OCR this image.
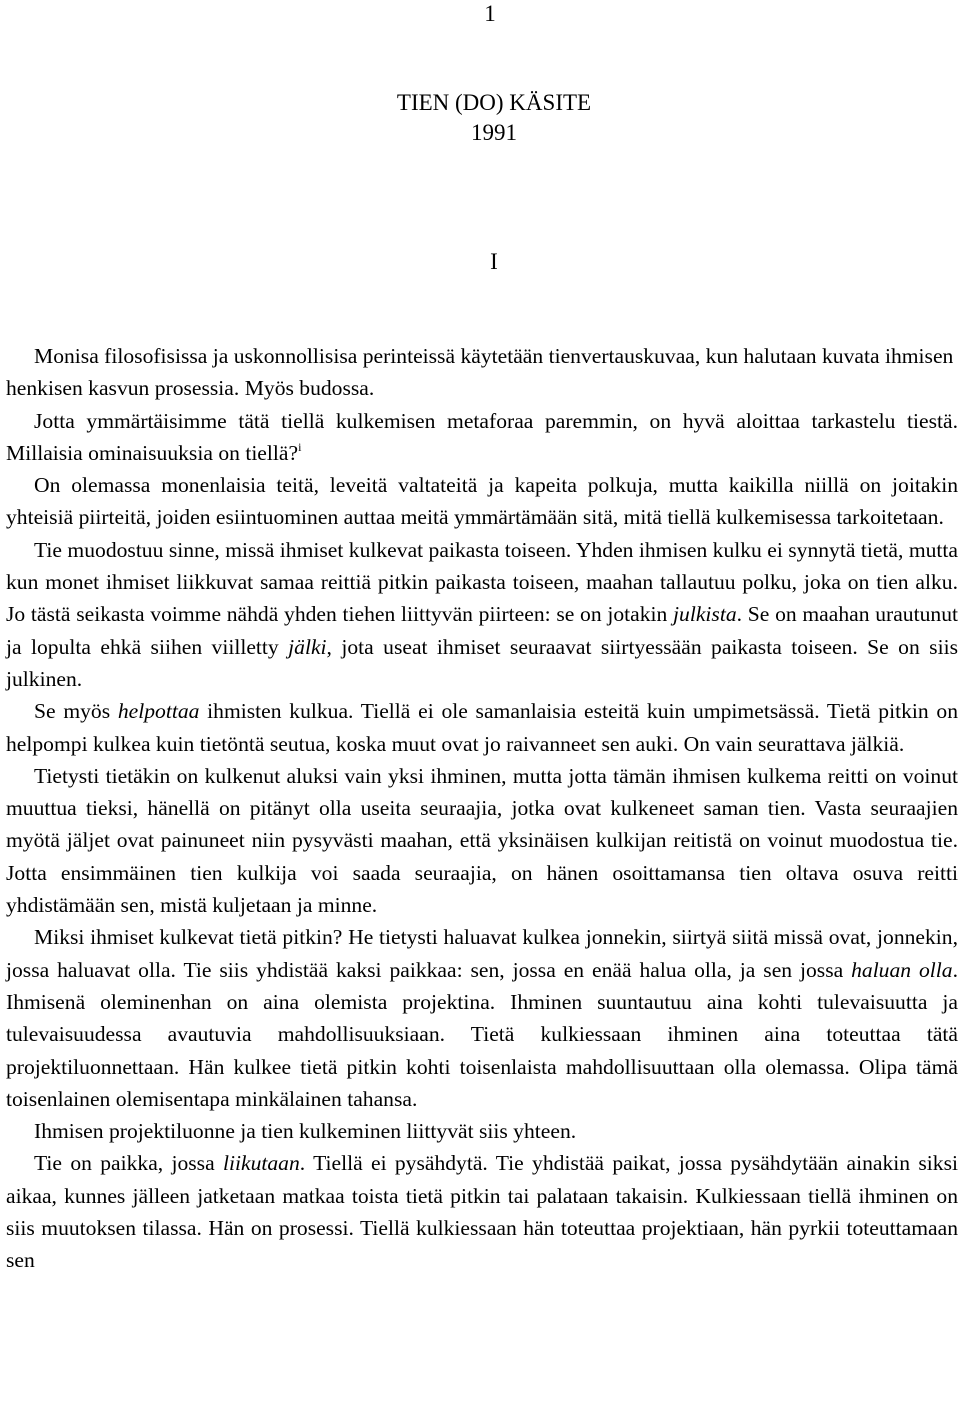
1
TIEN (DO) KÄSITE
1991
I

Monisa filosofisissa ja uskonnollisisa perinteissä käytetään tienvertauskuvaa, kun halutaan kuvata ihmisen henkisen kasvun prosessia. Myös budossa.

Jotta ymmärtäisimme tätä tiellä kulkemisen metaforaa paremmin, on hyvä aloittaa tarkastelu tiestä. Millaisia ominaisuuksia on tiellä?$^i$

On olemassa monenlaisia teitä, leveitä valtateitä ja kapeita polkuja, mutta kaikilla niillä on joitakin yhteisiä piirteitä, joiden esiintuominen auttaa meitä ymmärtämään sitä, mitä tiellä kulkemisessa tarkoitetaan.

Tie muodostuu sinne, missä ihmiset kulkevat paikasta toiseen. Yhden ihmisen kulku ei synnytä tietä, mutta kun monet ihmiset liikkuvat samaa reittiä pitkin paikasta toiseen, maahan tallautuu polku, joka on tien alku. Jo tästä seikasta voimme nähdä yhden tiehen liittyvän piirteen: se on jotakin julkista. Se on maahan urautunut ja lopulta ehkä siihen viilletty jälki, jota useat ihmiset seuraavat siirtyessään paikasta toiseen. Se on siis julkinen.

Se myös helpottaa ihmisten kulkua. Tiellä ei ole samanlaisia esteitä kuin umpimetsässä. Tietä pitkin on helpompi kulkea kuin tietöntä seutua, koska muut ovat jo raivanneet sen auki. On vain seurattava jälkiä.

Tietysti tietäkin on kulkenut aluksi vain yksi ihminen, mutta jotta tämän ihmisen kulkema reitti on voinut muuttua tieksi, hänellä on pitänyt olla useita seuraajia, jotka ovat kulkeneet saman tien. Vasta seuraajien myötä jäljet ovat painuneet niin pysyvästi maahan, että yksinäisen kulkijan reitistä on voinut muodostua tie. Jotta ensimmäinen tien kulkija voi saada seuraajia, on hänen osoittamansa tien oltava osuva reitti yhdistämään sen, mistä kuljetaan ja minne.

Miksi ihmiset kulkevat tietä pitkin? He tietysti haluavat kulkea jonnekin, siirtyä siitä missä ovat, jonnekin, jossa haluavat olla. Tie siis yhdistää kaksi paikkaa: sen, jossa en enää halua olla, ja sen jossa haluan olla. Ihmisenä oleminenhan on aina olemista projektina. Ihminen suuntautuu aina kohti tulevaisuutta ja tulevaisuudessa avautuvia mahdollisuuksiaan. Tietä kulkiessaan ihminen aina toteuttaa tätä projektiluonnettaan. Hän kulkee tietä pitkin kohti toisenlaista mahdollisuuttaan olla olemassa. Olipa tämä toisenlainen olemisentapa minkälainen tahansa.

Ihmisen projektiluonne ja tien kulkeminen liittyvät siis yhteen.

Tie on paikka, jossa liikutaan. Tiellä ei pysähdytä. Tie yhdistää paikat, jossa pysähdytään ainakin siksi aikaa, kunnes jälleen jatketaan matkaa toista tietä pitkin tai palataan takaisin. Kulkiessaan tiellä ihminen on siis muutoksen tilassa. Hän on prosessi. Tiellä kulkiessaan hän toteuttaa projektiaan, hän pyrkii toteuttamaan sen
